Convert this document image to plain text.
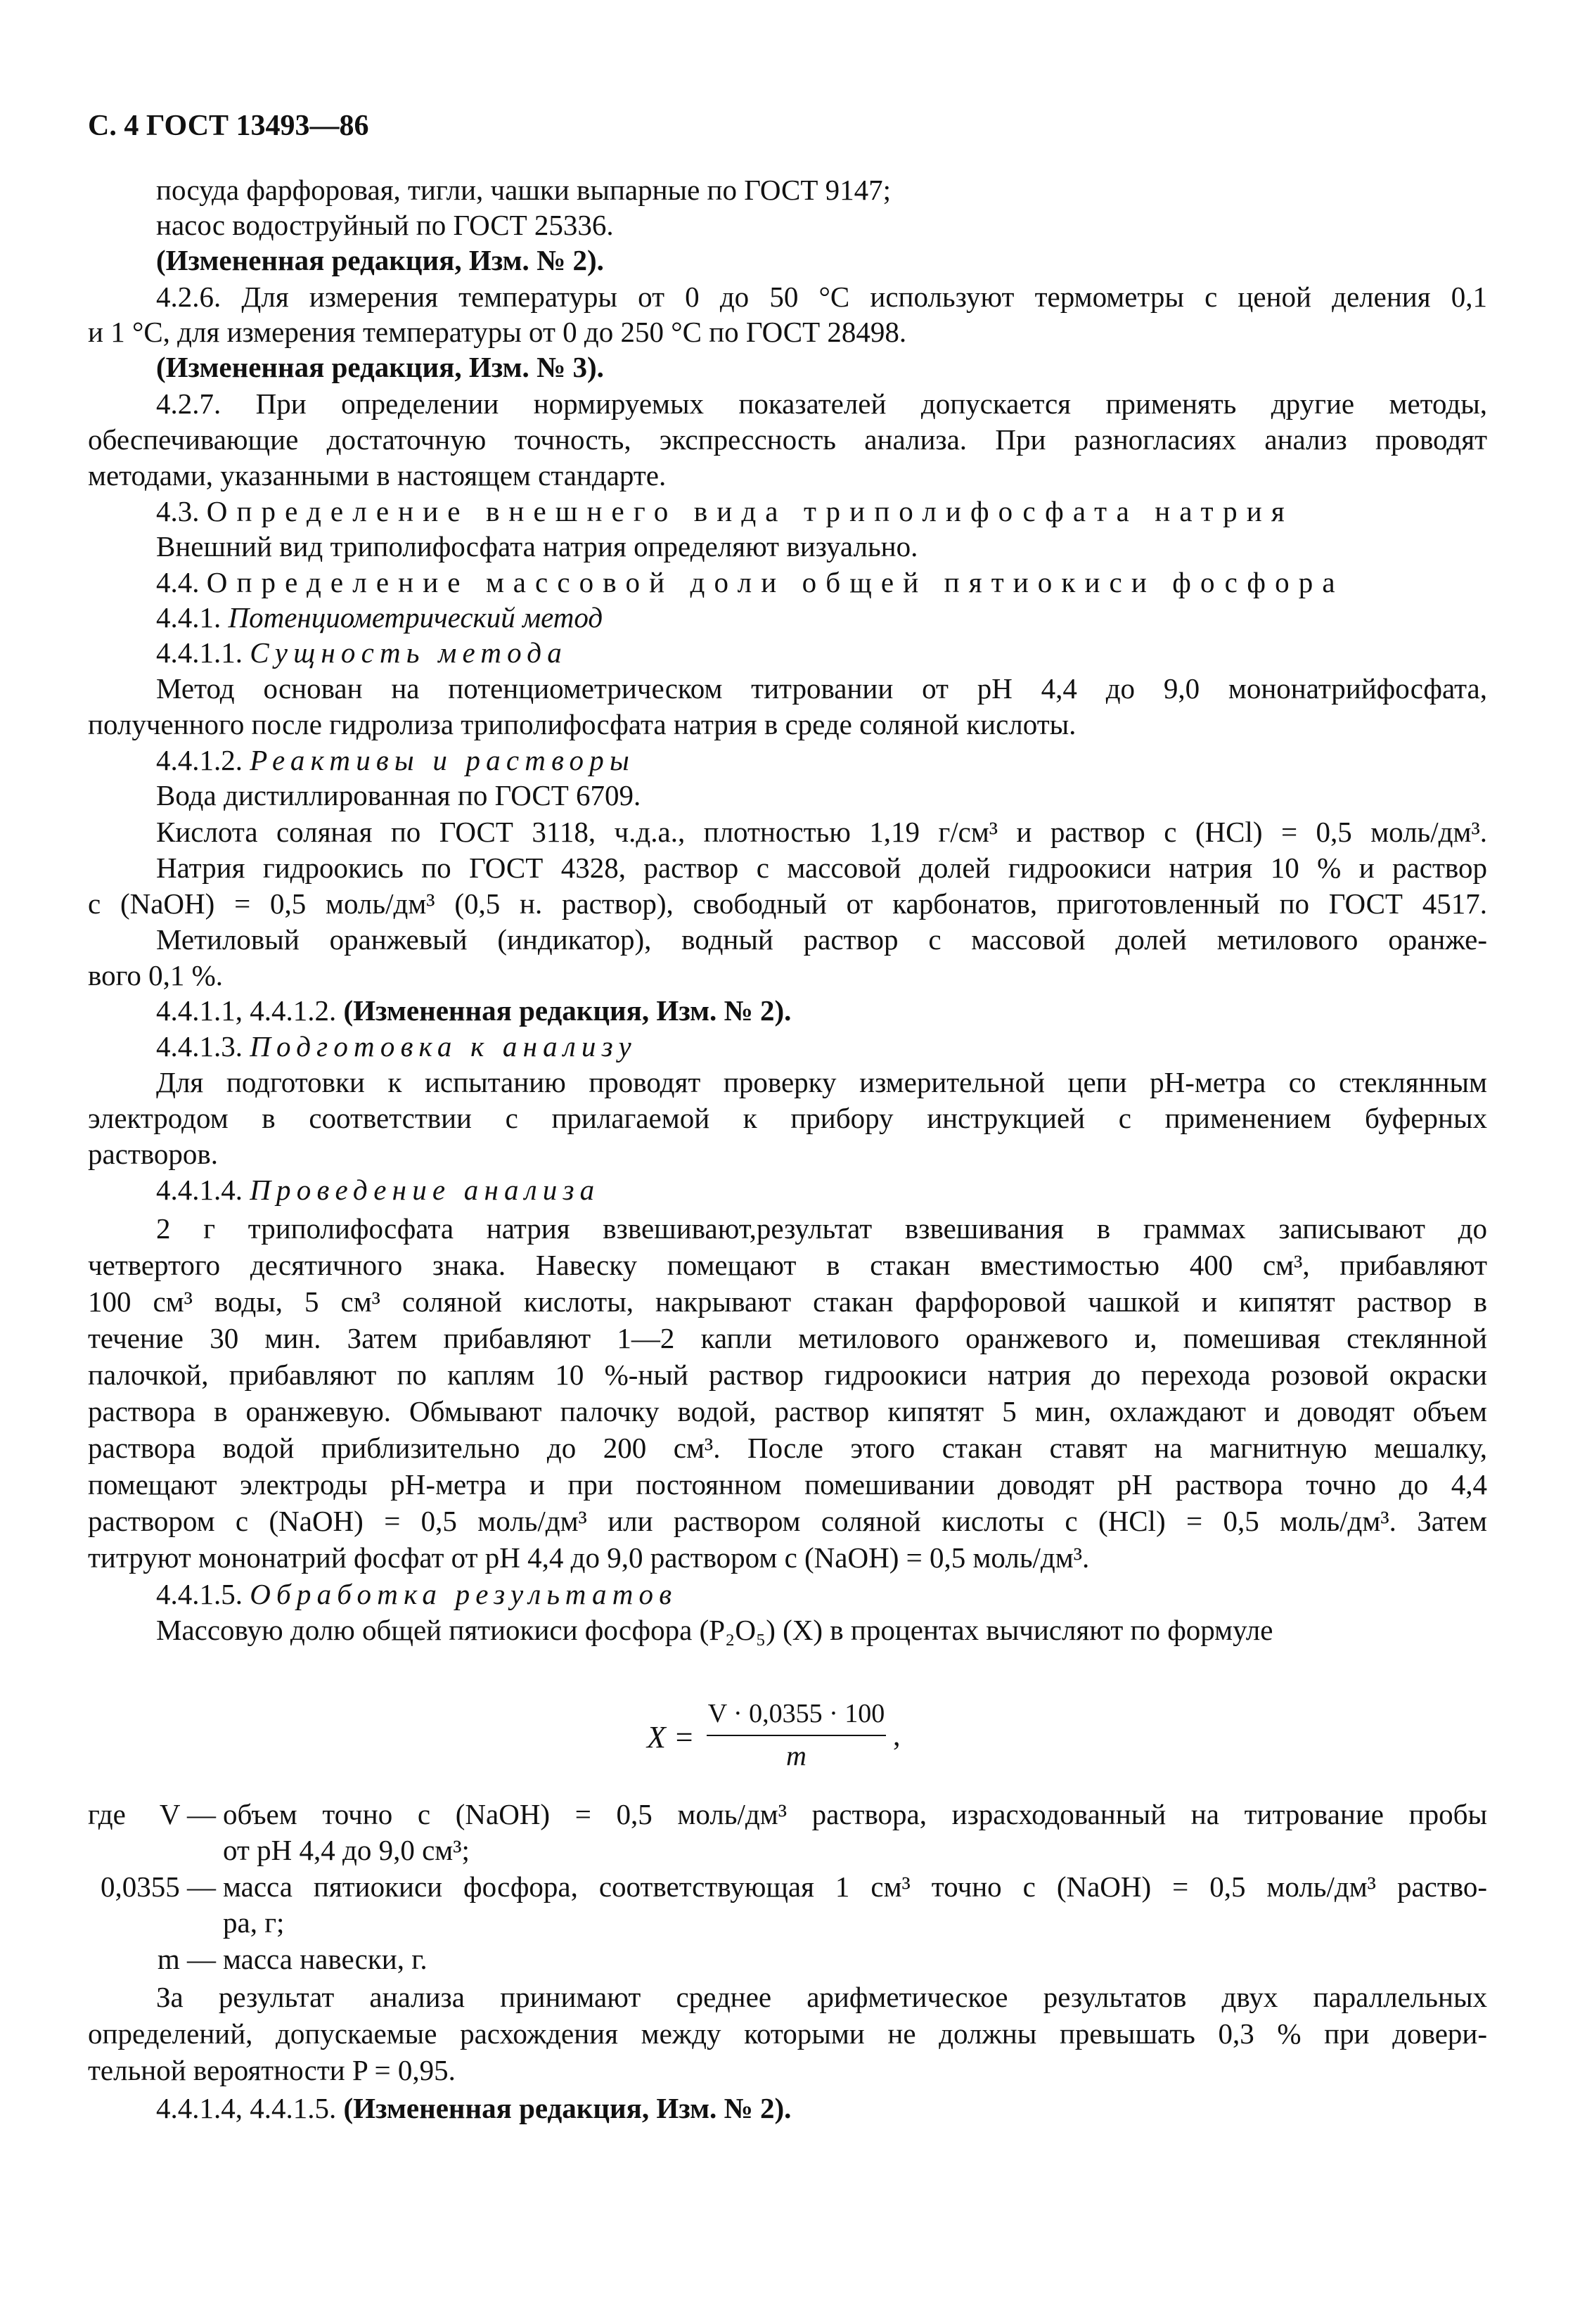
С. 4 ГОСТ 13493—86

посуда фарфоровая, тигли, чашки выпарные по ГОСТ 9147;

насос водоструйный по ГОСТ 25336.

(Измененная редакция, Изм. № 2).

4.2.6. Для измерения температуры от 0 до 50 °С используют термометры с ценой деления 0,1

и 1 °С, для измерения температуры от 0 до 250 °С по ГОСТ 28498.

(Измененная редакция, Изм. № 3).

4.2.7. При определении нормируемых показателей допускается применять другие методы,

обеспечивающие достаточную точность, экспрессность анализа. При разногласиях анализ проводят

методами, указанными в настоящем стандарте.

4.3. Определение внешнего вида триполифосфата натрия

Внешний вид триполифосфата натрия определяют визуально.

4.4. Определение массовой доли общей пятиокиси фосфора

4.4.1. Потенциометрический метод

4.4.1.1. Сущность метода

Метод основан на потенциометрическом титровании от рН 4,4 до 9,0 мононатрийфосфата,

полученного после гидролиза триполифосфата натрия в среде соляной кислоты.

4.4.1.2. Реактивы и растворы

Вода дистиллированная по ГОСТ 6709.

Кислота соляная по ГОСТ 3118, ч.д.а., плотностью 1,19 г/см³ и раствор с (HCl) = 0,5 моль/дм³.

Натрия гидроокись по ГОСТ 4328, раствор с массовой долей гидроокиси натрия 10 % и раствор

с (NaOH) = 0,5 моль/дм³ (0,5 н. раствор), свободный от карбонатов, приготовленный по ГОСТ 4517.

Метиловый оранжевый (индикатор), водный раствор с массовой долей метилового оранже-

вого 0,1 %.

4.4.1.1, 4.4.1.2. (Измененная редакция, Изм. № 2).

4.4.1.3. Подготовка к анализу

Для подготовки к испытанию проводят проверку измерительной цепи рН-метра со стеклянным

электродом в соответствии с прилагаемой к прибору инструкцией с применением буферных

растворов.

4.4.1.4. Проведение анализа

2 г триполифосфата натрия взвешивают,результат взвешивания в граммах записывают до

четвертого десятичного знака. Навеску помещают в стакан вместимостью 400 см³, прибавляют

100 см³ воды, 5 см³ соляной кислоты, накрывают стакан фарфоровой чашкой и кипятят раствор в

течение 30 мин. Затем прибавляют 1—2 капли метилового оранжевого и, помешивая стеклянной

палочкой, прибавляют по каплям 10 %-ный раствор гидроокиси натрия до перехода розовой окраски

раствора в оранжевую. Обмывают палочку водой, раствор кипятят 5 мин, охлаждают и доводят объем

раствора водой приблизительно до 200 см³. После этого стакан ставят на магнитную мешалку,

помещают электроды рН-метра и при постоянном помешивании доводят рН раствора точно до 4,4

раствором с (NaOH) = 0,5 моль/дм³ или раствором соляной кислоты с (HCl) = 0,5 моль/дм³. Затем

титруют мононатрий фосфат от рН 4,4 до 9,0 раствором с (NaOH) = 0,5 моль/дм³.

4.4.1.5. Обработка результатов

Массовую долю общей пятиокиси фосфора (P₂O₅) (X) в процентах вычисляют по формуле

X =
V · 0,0355 · 100
m
,
где V — объем точно с (NaOH) = 0,5 моль/дм³ раствора, израсходованный на титрование пробы

от рН 4,4 до 9,0 см³;

0,0355 — масса пятиокиси фосфора, соответствующая 1 см³ точно с (NaOH) = 0,5 моль/дм³ раство-

ра, г;

m — масса навески, г.

За результат анализа принимают среднее арифметическое результатов двух параллельных

определений, допускаемые расхождения между которыми не должны превышать 0,3 % при довери-

тельной вероятности P = 0,95.

4.4.1.4, 4.4.1.5. (Измененная редакция, Изм. № 2).
